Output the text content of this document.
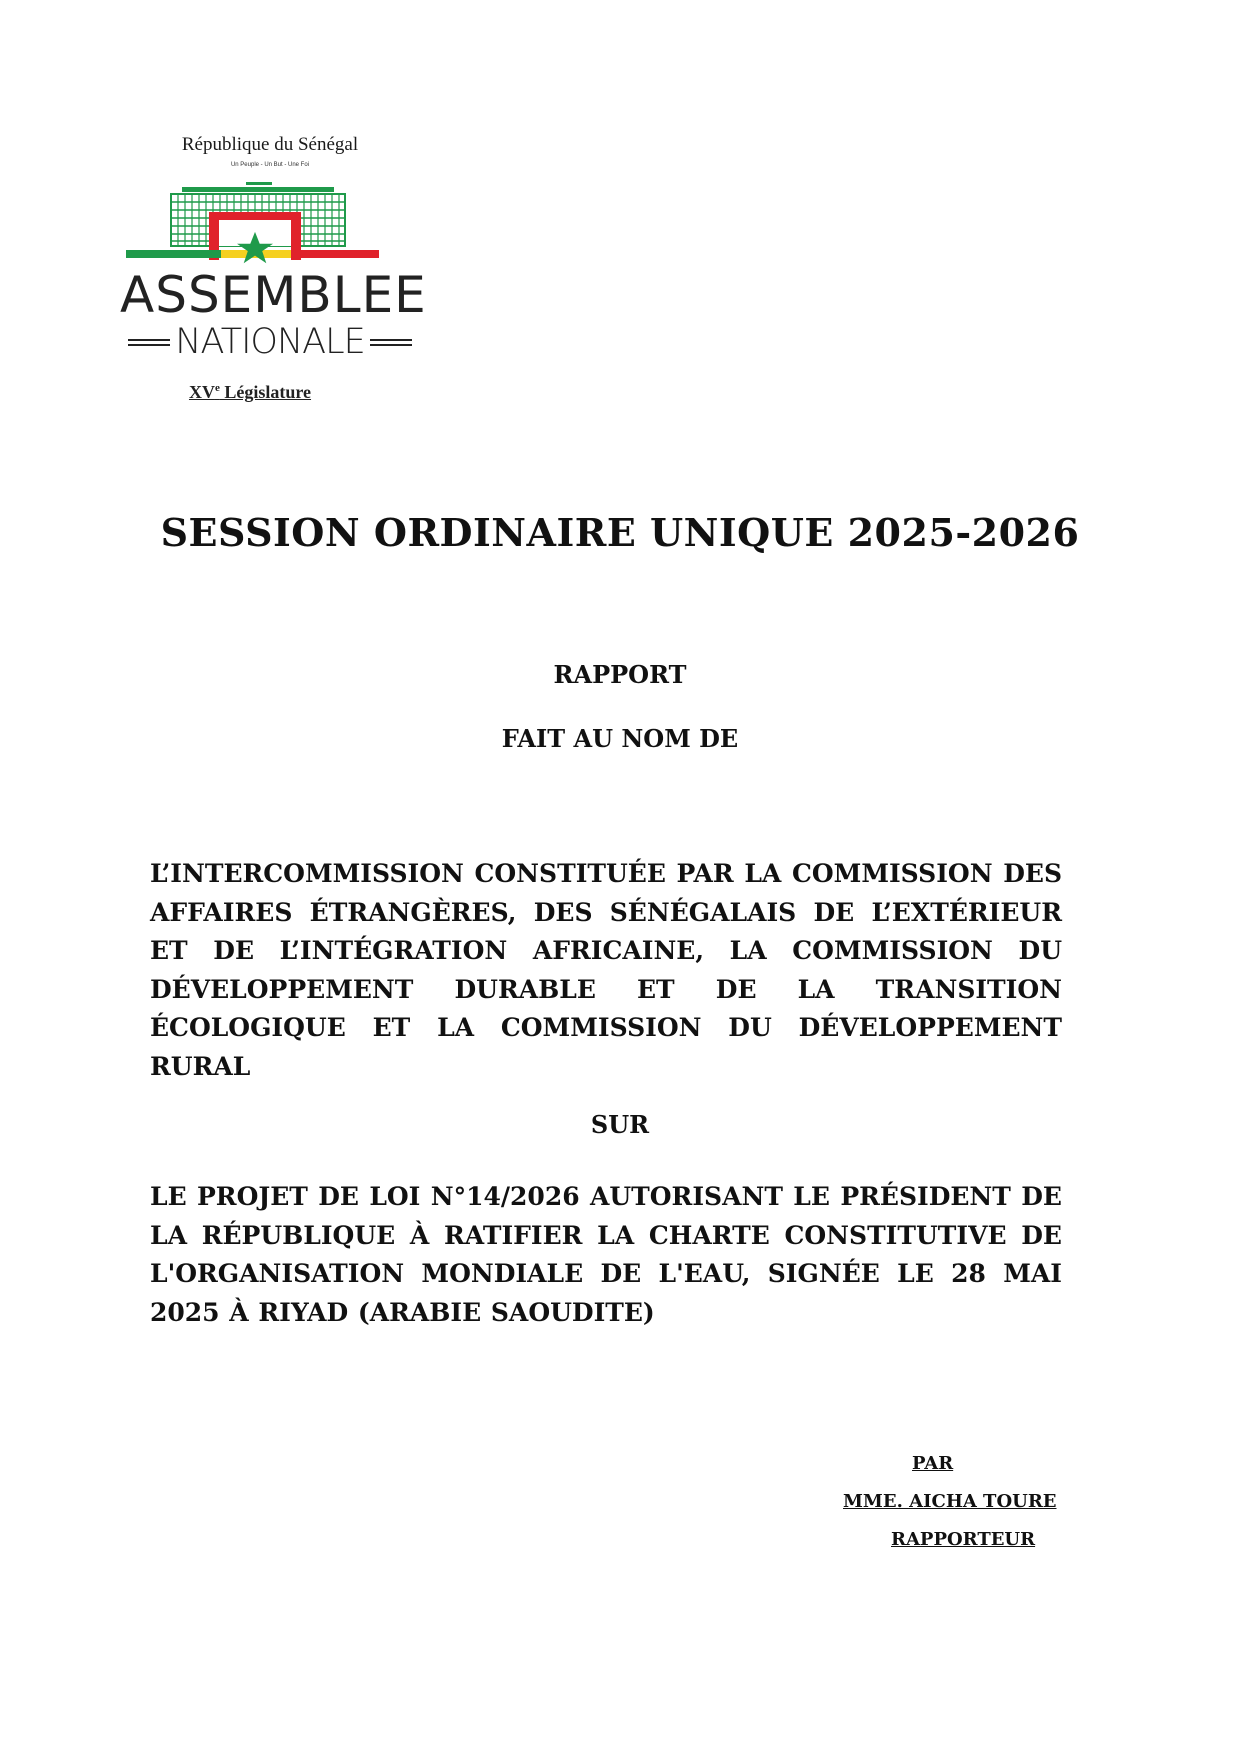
République du Sénégal
Un Peuple - Un But - Une Foi
ASSEMBLEE
NATIONALE
XVe Législature
SESSION ORDINAIRE UNIQUE 2025-2026
RAPPORT
FAIT AU NOM DE
L’INTERCOMMISSION CONSTITUÉE PAR LA COMMISSION DES AFFAIRES ÉTRANGÈRES, DES SÉNÉGALAIS DE L’EXTÉRIEUR ET DE L’INTÉGRATION AFRICAINE, LA COMMISSION DU DÉVELOPPEMENT DURABLE ET DE LA TRANSITION ÉCOLOGIQUE ET LA COMMISSION DU DÉVELOPPEMENT RURAL
SUR
LE PROJET DE LOI N°14/2026 AUTORISANT LE PRÉSIDENT DE LA RÉPUBLIQUE À RATIFIER LA CHARTE CONSTITUTIVE DE L'ORGANISATION MONDIALE DE L'EAU, SIGNÉE LE 28 MAI 2025 À RIYAD (ARABIE SAOUDITE)
PAR
MME. AICHA TOURE
RAPPORTEUR
